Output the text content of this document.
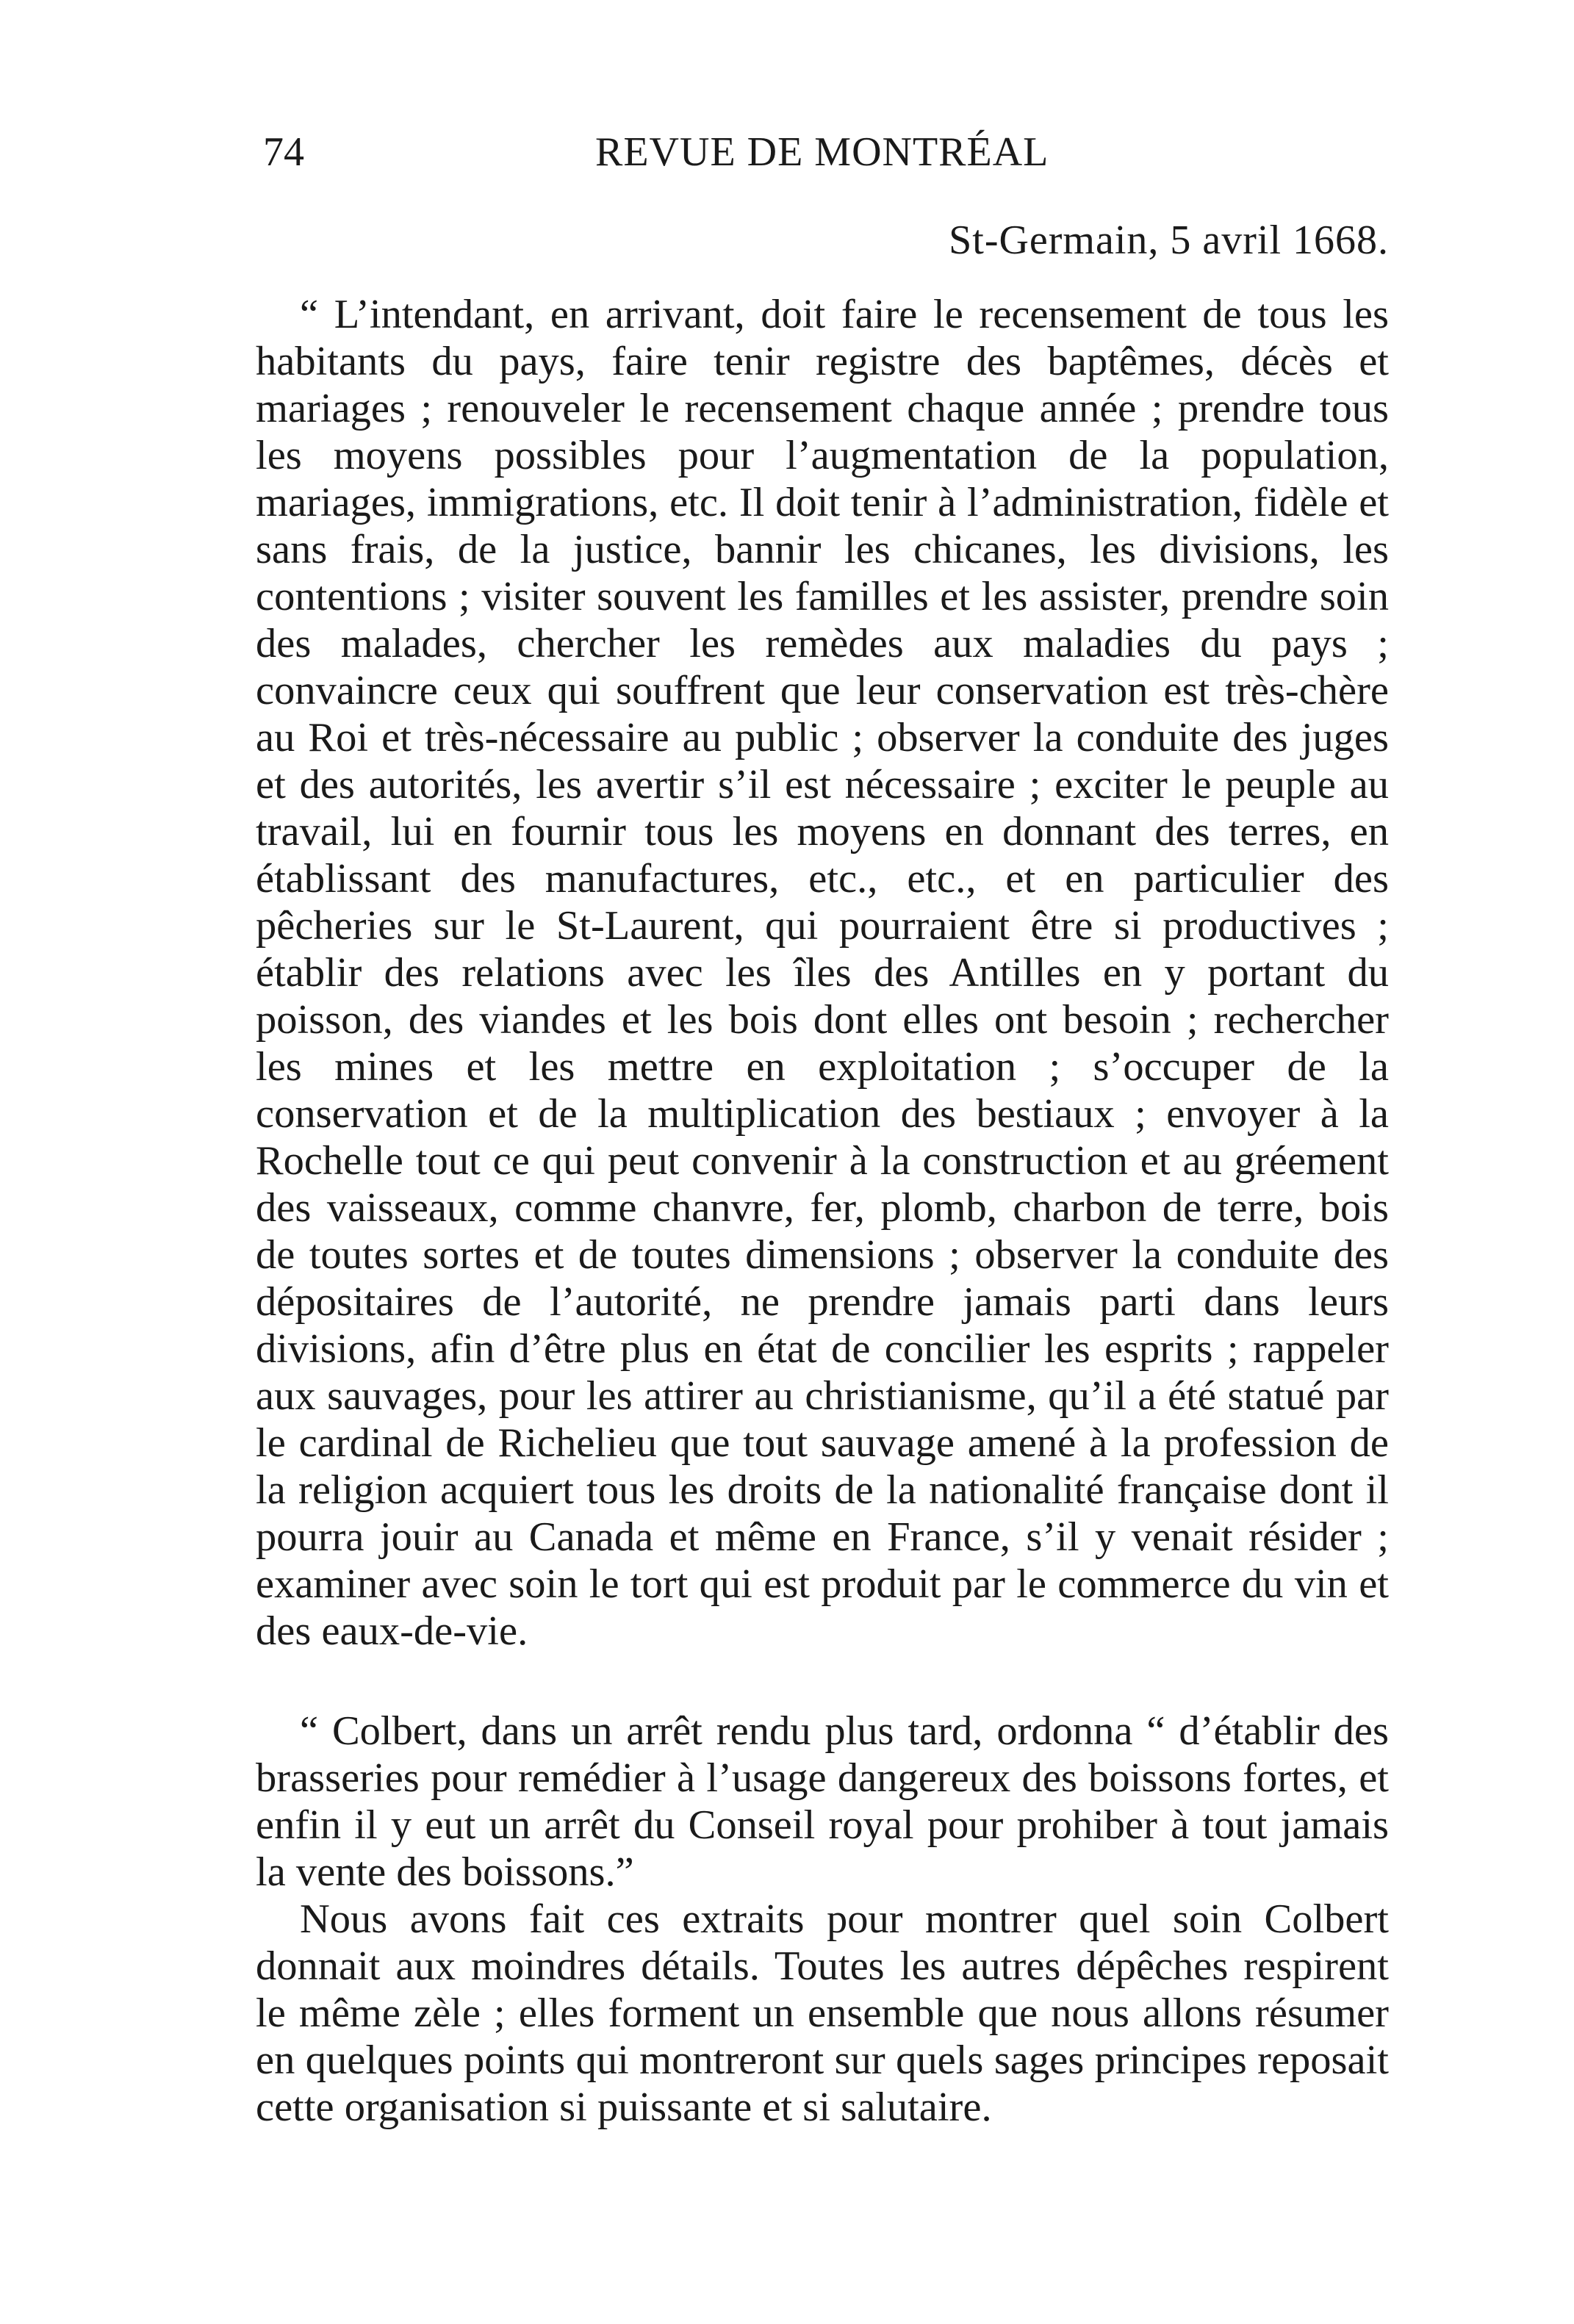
74	REVUE DE MONTRÉAL
St-Germain, 5 avril 1668.

“ L’intendant, en arrivant, doit faire le recensement de tous les habitants du pays, faire tenir registre des baptêmes, décès et mariages ; renouveler le recensement chaque année ; prendre tous les moyens possibles pour l’augmentation de la population, mariages, immigrations, etc. Il doit tenir à l’administration, fidèle et sans frais, de la justice, bannir les chicanes, les divisions, les contentions ; visiter souvent les familles et les assister, prendre soin des malades, chercher les remèdes aux maladies du pays ; convaincre ceux qui souffrent que leur conservation est très-chère au Roi et très-nécessaire au public ; observer la conduite des juges et des autorités, les avertir s’il est nécessaire ; exciter le peuple au travail, lui en fournir tous les moyens en donnant des terres, en établissant des manufactures, etc., etc., et en particulier des pêcheries sur le St-Laurent, qui pourraient être si productives ; établir des relations avec les îles des Antilles en y portant du poisson, des viandes et les bois dont elles ont besoin ; rechercher les mines et les mettre en exploitation ; s’occuper de la conservation et de la multiplication des bestiaux ; envoyer à la Rochelle tout ce qui peut convenir à la construction et au gréement des vaisseaux, comme chanvre, fer, plomb, charbon de terre, bois de toutes sortes et de toutes dimensions ; observer la conduite des dépositaires de l’autorité, ne prendre jamais parti dans leurs divisions, afin d’être plus en état de concilier les esprits ; rappeler aux sauvages, pour les attirer au christianisme, qu’il a été statué par le cardinal de Richelieu que tout sauvage amené à la profession de la religion acquiert tous les droits de la nationalité française dont il pourra jouir au Canada et même en France, s’il y venait résider ; examiner avec soin le tort qui est produit par le commerce du vin et des eaux-de-vie.

“ Colbert, dans un arrêt rendu plus tard, ordonna “ d’établir des brasseries pour remédier à l’usage dangereux des boissons fortes, et enfin il y eut un arrêt du Conseil royal pour prohiber à tout jamais la vente des boissons.”

Nous avons fait ces extraits pour montrer quel soin Colbert donnait aux moindres détails. Toutes les autres dépêches respirent le même zèle ; elles forment un ensemble que nous allons résumer en quelques points qui montreront sur quels sages principes reposait cette organisation si puissante et si salutaire.
